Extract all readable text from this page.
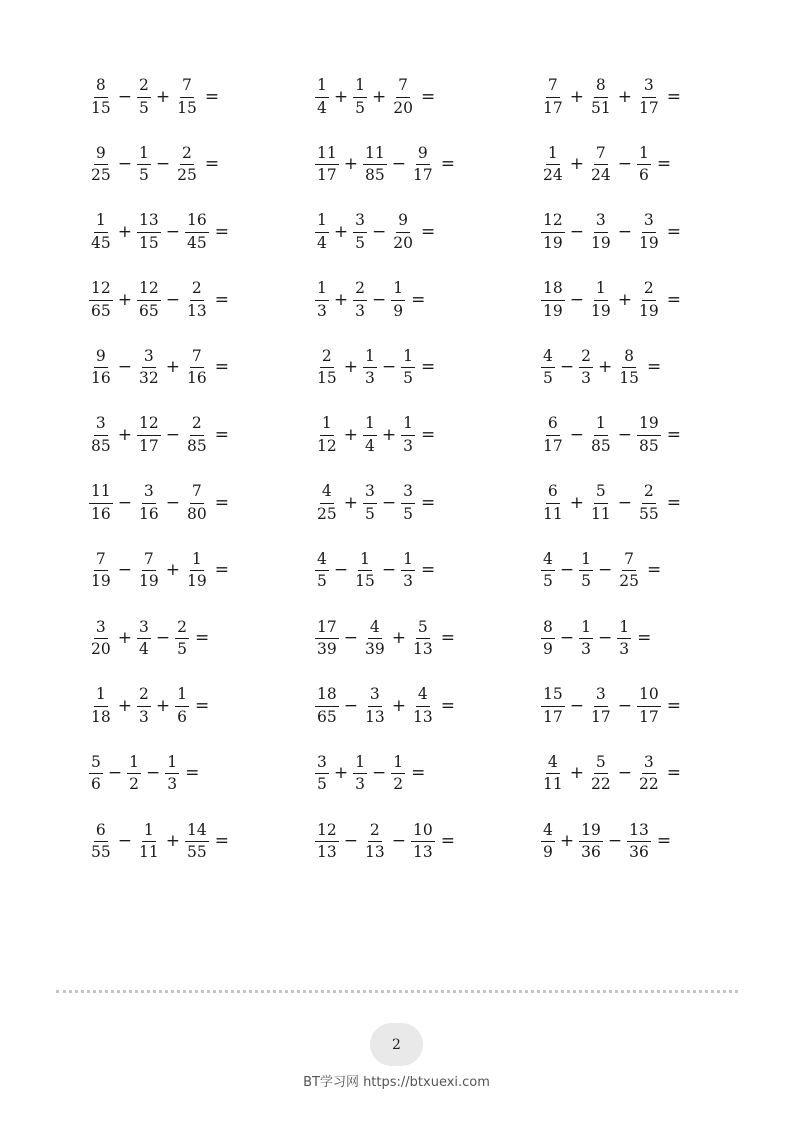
$\frac{8}{15} - \frac{2}{5} + \frac{7}{15}$ =	$\frac{1}{4} + \frac{1}{5} + \frac{7}{20}$ =	$\frac{7}{17} + \frac{8}{51} + \frac{3}{17}$ =
$\frac{9}{25} - \frac{1}{5} - \frac{2}{25}$ =	$\frac{11}{17} + \frac{11}{85} - \frac{9}{17}$ =	$\frac{1}{24} + \frac{7}{24} - \frac{1}{6}$ =
$\frac{1}{45} + \frac{13}{15} - \frac{16}{45}$ =	$\frac{1}{4} + \frac{3}{5} - \frac{9}{20}$ =	$\frac{12}{19} - \frac{3}{19} - \frac{3}{19}$ =
$\frac{12}{65} + \frac{12}{65} - \frac{2}{13}$ =	$\frac{1}{3} + \frac{2}{3} - \frac{1}{9}$ =	$\frac{18}{19} - \frac{1}{19} + \frac{2}{19}$ =
$\frac{9}{16} - \frac{3}{32} + \frac{7}{16}$ =	$\frac{2}{15} + \frac{1}{3} - \frac{1}{5}$ =	$\frac{4}{5} - \frac{2}{3} + \frac{8}{15}$ =
$\frac{3}{85} + \frac{12}{17} - \frac{2}{85}$ =	$\frac{1}{12} + \frac{1}{4} + \frac{1}{3}$ =	$\frac{6}{17} - \frac{1}{85} - \frac{19}{85}$ =
$\frac{11}{16} - \frac{3}{16} - \frac{7}{80}$ =	$\frac{4}{25} + \frac{3}{5} - \frac{3}{5}$ =	$\frac{6}{11} + \frac{5}{11} - \frac{2}{55}$ =
$\frac{7}{19} - \frac{7}{19} + \frac{1}{19}$ =	$\frac{4}{5} - \frac{1}{15} - \frac{1}{3}$ =	$\frac{4}{5} - \frac{1}{5} - \frac{7}{25}$ =
$\frac{3}{20} + \frac{3}{4} - \frac{2}{5}$ =	$\frac{17}{39} - \frac{4}{39} + \frac{5}{13}$ =	$\frac{8}{9} - \frac{1}{3} - \frac{1}{3}$ =
$\frac{1}{18} + \frac{2}{3} + \frac{1}{6}$ =	$\frac{18}{65} - \frac{3}{13} + \frac{4}{13}$ =	$\frac{15}{17} - \frac{3}{17} - \frac{10}{17}$ =
$\frac{5}{6} - \frac{1}{2} - \frac{1}{3}$ =	$\frac{3}{5} + \frac{1}{3} - \frac{1}{2}$ =	$\frac{4}{11} + \frac{5}{22} - \frac{3}{22}$ =
$\frac{6}{55} - \frac{1}{11} + \frac{14}{55}$ =	$\frac{12}{13} - \frac{2}{13} - \frac{10}{13}$ =	$\frac{4}{9} + \frac{19}{36} - \frac{13}{36}$ =
2
BT学习网 https://btxuexi.com
